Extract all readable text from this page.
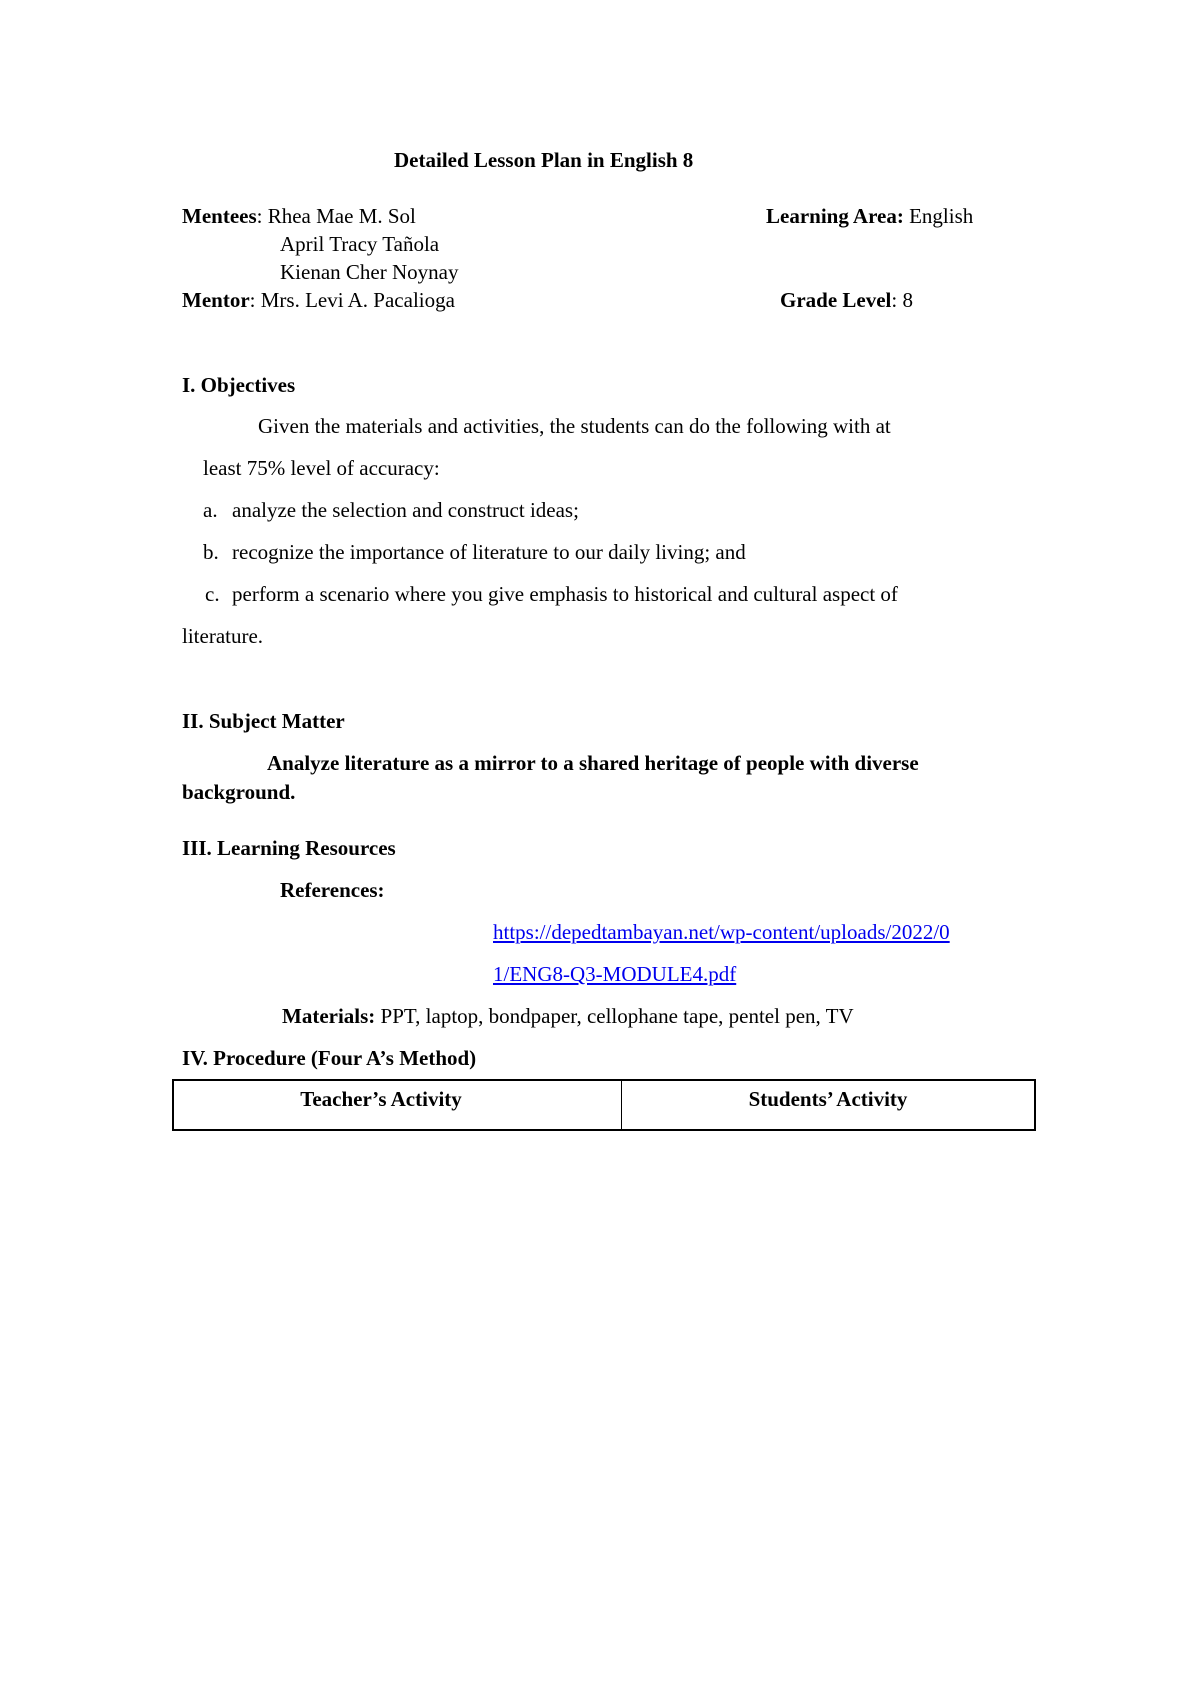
Detailed Lesson Plan in English 8
Mentees: Rhea Mae M. Sol
April Tracy Tañola
Kienan Cher Noynay
Mentor: Mrs. Levi A. Pacalioga
Learning Area: English
Grade Level: 8
I. Objectives
Given the materials and activities, the students can do the following with at
least 75% level of accuracy:
a. analyze the selection and construct ideas;
b. recognize the importance of literature to our daily living; and
c. perform a scenario where you give emphasis to historical and cultural aspect of
literature.
II. Subject Matter
Analyze literature as a mirror to a shared heritage of people with diverse
background.
III. Learning Resources
References:
https://depedtambayan.net/wp-content/uploads/2022/0
1/ENG8-Q3-MODULE4.pdf
Materials: PPT, laptop, bondpaper, cellophane tape, pentel pen, TV
IV. Procedure (Four A’s Method)
Teacher’s Activity	Students’ Activity
